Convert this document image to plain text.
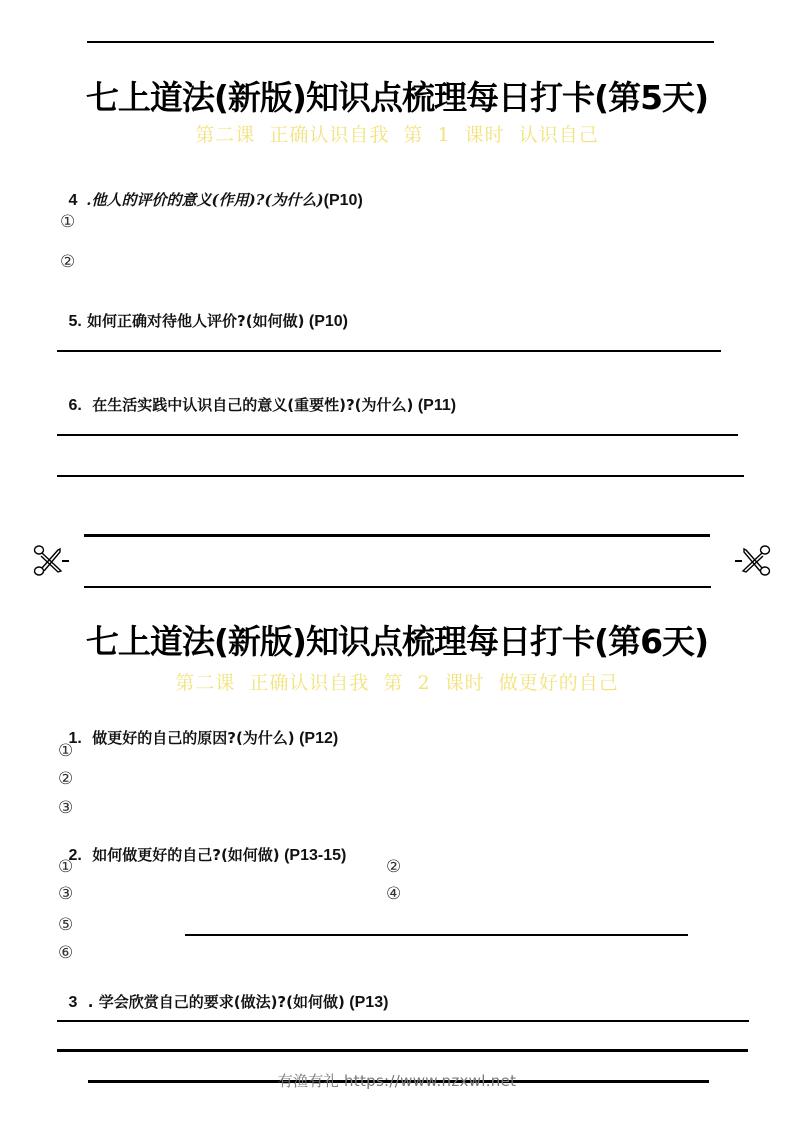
七上道法(新版)知识点梳理每日打卡(第5天)
第二课  正确认识自我  第  1  课时  认识自己

4  .他人的评价的意义(作用)?(为什么)(P10)

①
②

5. 如何正确对待他人评价?(如何做) (P10)

6.  在生活实践中认识自己的意义(重要性)?(为什么) (P11)

七上道法(新版)知识点梳理每日打卡(第6天)
第二课  正确认识自我  第  2  课时  做更好的自己

1.  做更好的自己的原因?(为什么) (P12)

①
②
③

2.  如何做更好的自己?(如何做) (P13-15)

①	②
③	④
⑤
⑥

3  . 学会欣赏自己的要求(做法)?(如何做) (P13)

有渔有礼 https://www.nzxwl.net
